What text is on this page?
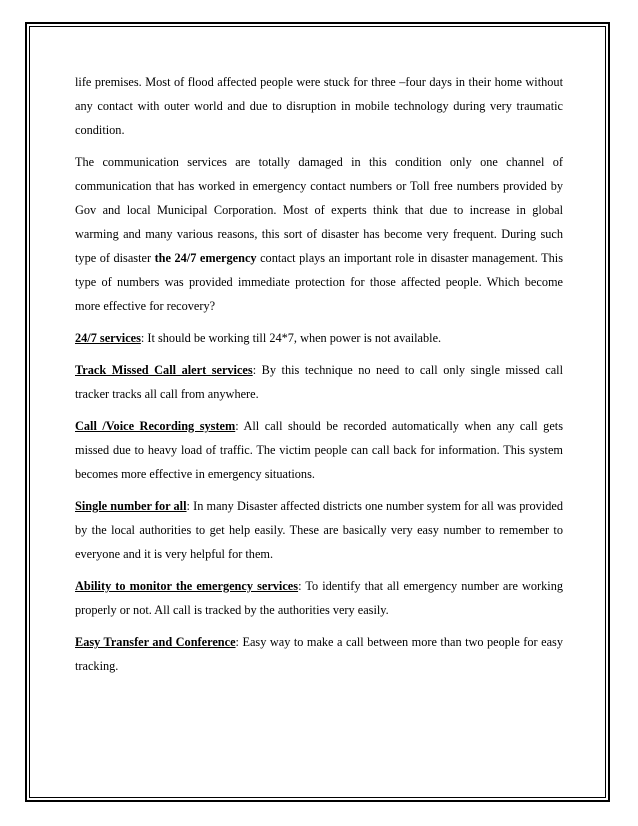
life premises. Most of flood affected people were stuck for three –four days in their home without any contact with outer world and due to disruption in mobile technology during very traumatic condition.

The communication services are totally damaged in this condition only one channel of communication that has worked in emergency contact numbers or Toll free numbers provided by Gov and local Municipal Corporation. Most of experts think that due to increase in global warming and many various reasons, this sort of disaster has become very frequent. During such type of disaster the 24/7 emergency contact plays an important role in disaster management. This type of numbers was provided immediate protection for those affected people. Which become more effective for recovery?

24/7 services: It should be working till 24*7, when power is not available.

Track Missed Call alert services: By this technique no need to call only single missed call tracker tracks all call from anywhere.

Call /Voice Recording system: All call should be recorded automatically when any call gets missed due to heavy load of traffic. The victim people can call back for information. This system becomes more effective in emergency situations.

Single number for all: In many Disaster affected districts one number system for all was provided by the local authorities to get help easily. These are basically very easy number to remember to everyone and it is very helpful for them.

Ability to monitor the emergency services: To identify that all emergency number are working properly or not. All call is tracked by the authorities very easily.

Easy Transfer and Conference: Easy way to make a call between more than two people for easy tracking.
